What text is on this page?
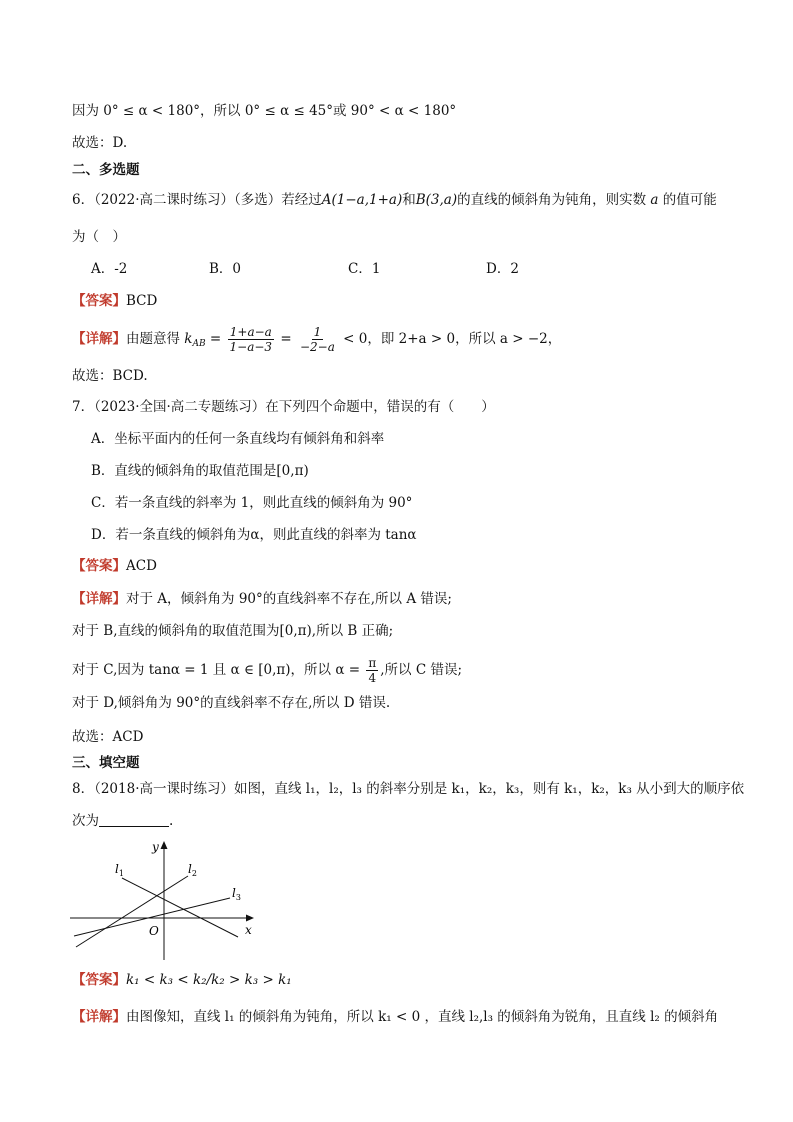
因为 0° ≤ α < 180°，所以 0° ≤ α ≤ 45°或 90° < α < 180°
故选：D.
二、多选题
6．（2022·高二课时练习）（多选）若经过A(1−a,1+a)和B(3,a)的直线的倾斜角为钝角，则实数 a 的值可能
为（　）
A．-2	B．0	C．1	D．2
【答案】BCD
【详解】由题意得 $k_{AB} = \frac{1+a-a}{1-a-3} = \frac{1}{-2-a} < 0$，即 2+a > 0，所以 a > −2，
故选：BCD.
7．（2023·全国·高二专题练习）在下列四个命题中，错误的有（　　）
A．坐标平面内的任何一条直线均有倾斜角和斜率
B．直线的倾斜角的取值范围是[0,π)
C．若一条直线的斜率为 1，则此直线的倾斜角为 90°
D．若一条直线的倾斜角为α，则此直线的斜率为 tanα
【答案】ACD
【详解】对于 A，倾斜角为 90°的直线斜率不存在,所以 A 错误;
对于 B,直线的倾斜角的取值范围为[0,π),所以 B 正确;
对于 C,因为 tanα = 1 且 α ∈ [0,π)，所以 $\alpha = \frac{\pi}{4}$ ,所以 C 错误;
对于 D,倾斜角为 90°的直线斜率不存在,所以 D 错误.
故选：ACD
三、填空题
8．（2018·高一课时练习）如图，直线 l₁，l₂，l₃ 的斜率分别是 k₁，k₂，k₃，则有 k₁，k₂，k₃ 从小到大的顺序依
次为	.
y
x
O
$l_1$	$l_2$
$l_3$
【答案】k₁ < k₃ < k₂/k₂ > k₃ > k₁
【详解】由图像知，直线 l₁ 的倾斜角为钝角，所以 k₁ < 0 ，直线 l₂,l₃ 的倾斜角为锐角，且直线 l₂ 的倾斜角
